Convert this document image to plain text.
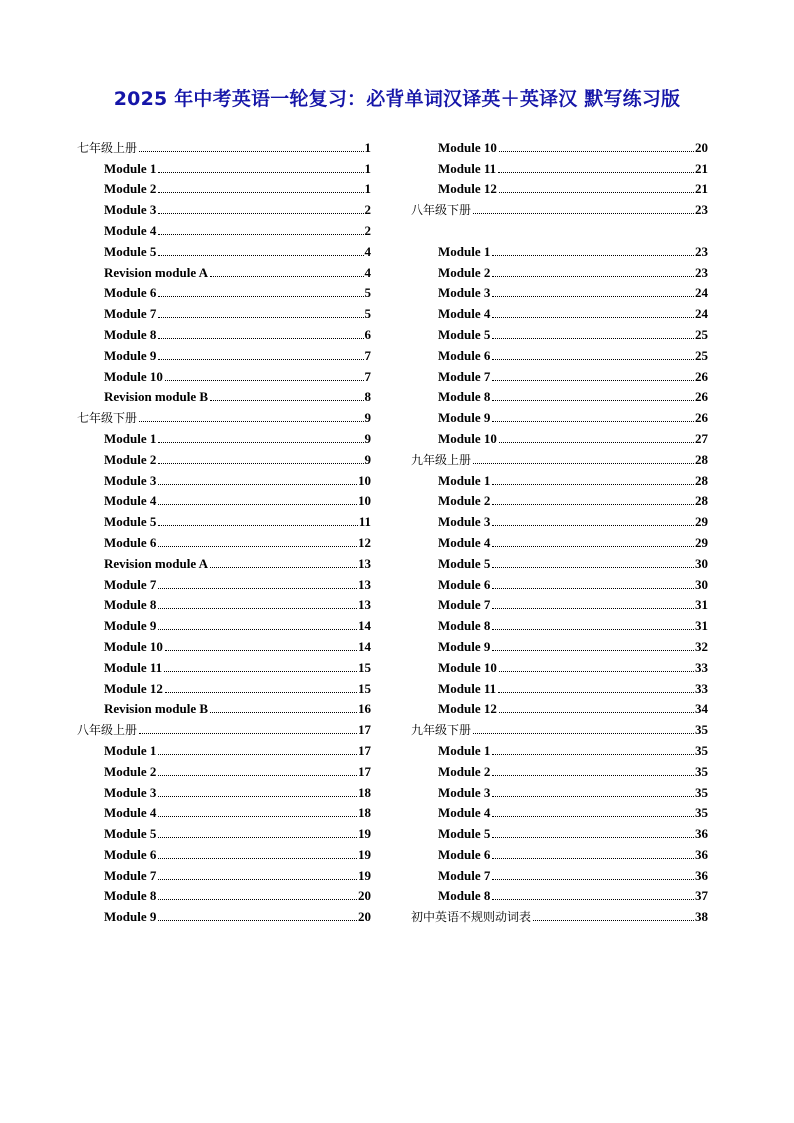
2025 年中考英语一轮复习：必背单词汉译英＋英译汉 默写练习版
七年级上册	1
Module 1	1
Module 2	1
Module 3	2
Module 4	2
Module 5	4
Revision module A	4
Module 6	5
Module 7	5
Module 8	6
Module 9	7
Module 10	7
Revision module B	8
七年级下册	9
Module 1	9
Module 2	9
Module 3	10
Module 4	10
Module 5	11
Module 6	12
Revision module A	13
Module 7	13
Module 8	13
Module 9	14
Module 10	14
Module 11	15
Module 12	15
Revision module B	16
八年级上册	17
Module 1	17
Module 2	17
Module 3	18
Module 4	18
Module 5	19
Module 6	19
Module 7	19
Module 8	20
Module 9	20
Module 10	20
Module 11	21
Module 12	21
八年级下册	23
Module 1	23
Module 2	23
Module 3	24
Module 4	24
Module 5	25
Module 6	25
Module 7	26
Module 8	26
Module 9	26
Module 10	27
九年级上册	28
Module 1	28
Module 2	28
Module 3	29
Module 4	29
Module 5	30
Module 6	30
Module 7	31
Module 8	31
Module 9	32
Module 10	33
Module 11	33
Module 12	34
九年级下册	35
Module 1	35
Module 2	35
Module 3	35
Module 4	35
Module 5	36
Module 6	36
Module 7	36
Module 8	37
初中英语不规则动词表	38
